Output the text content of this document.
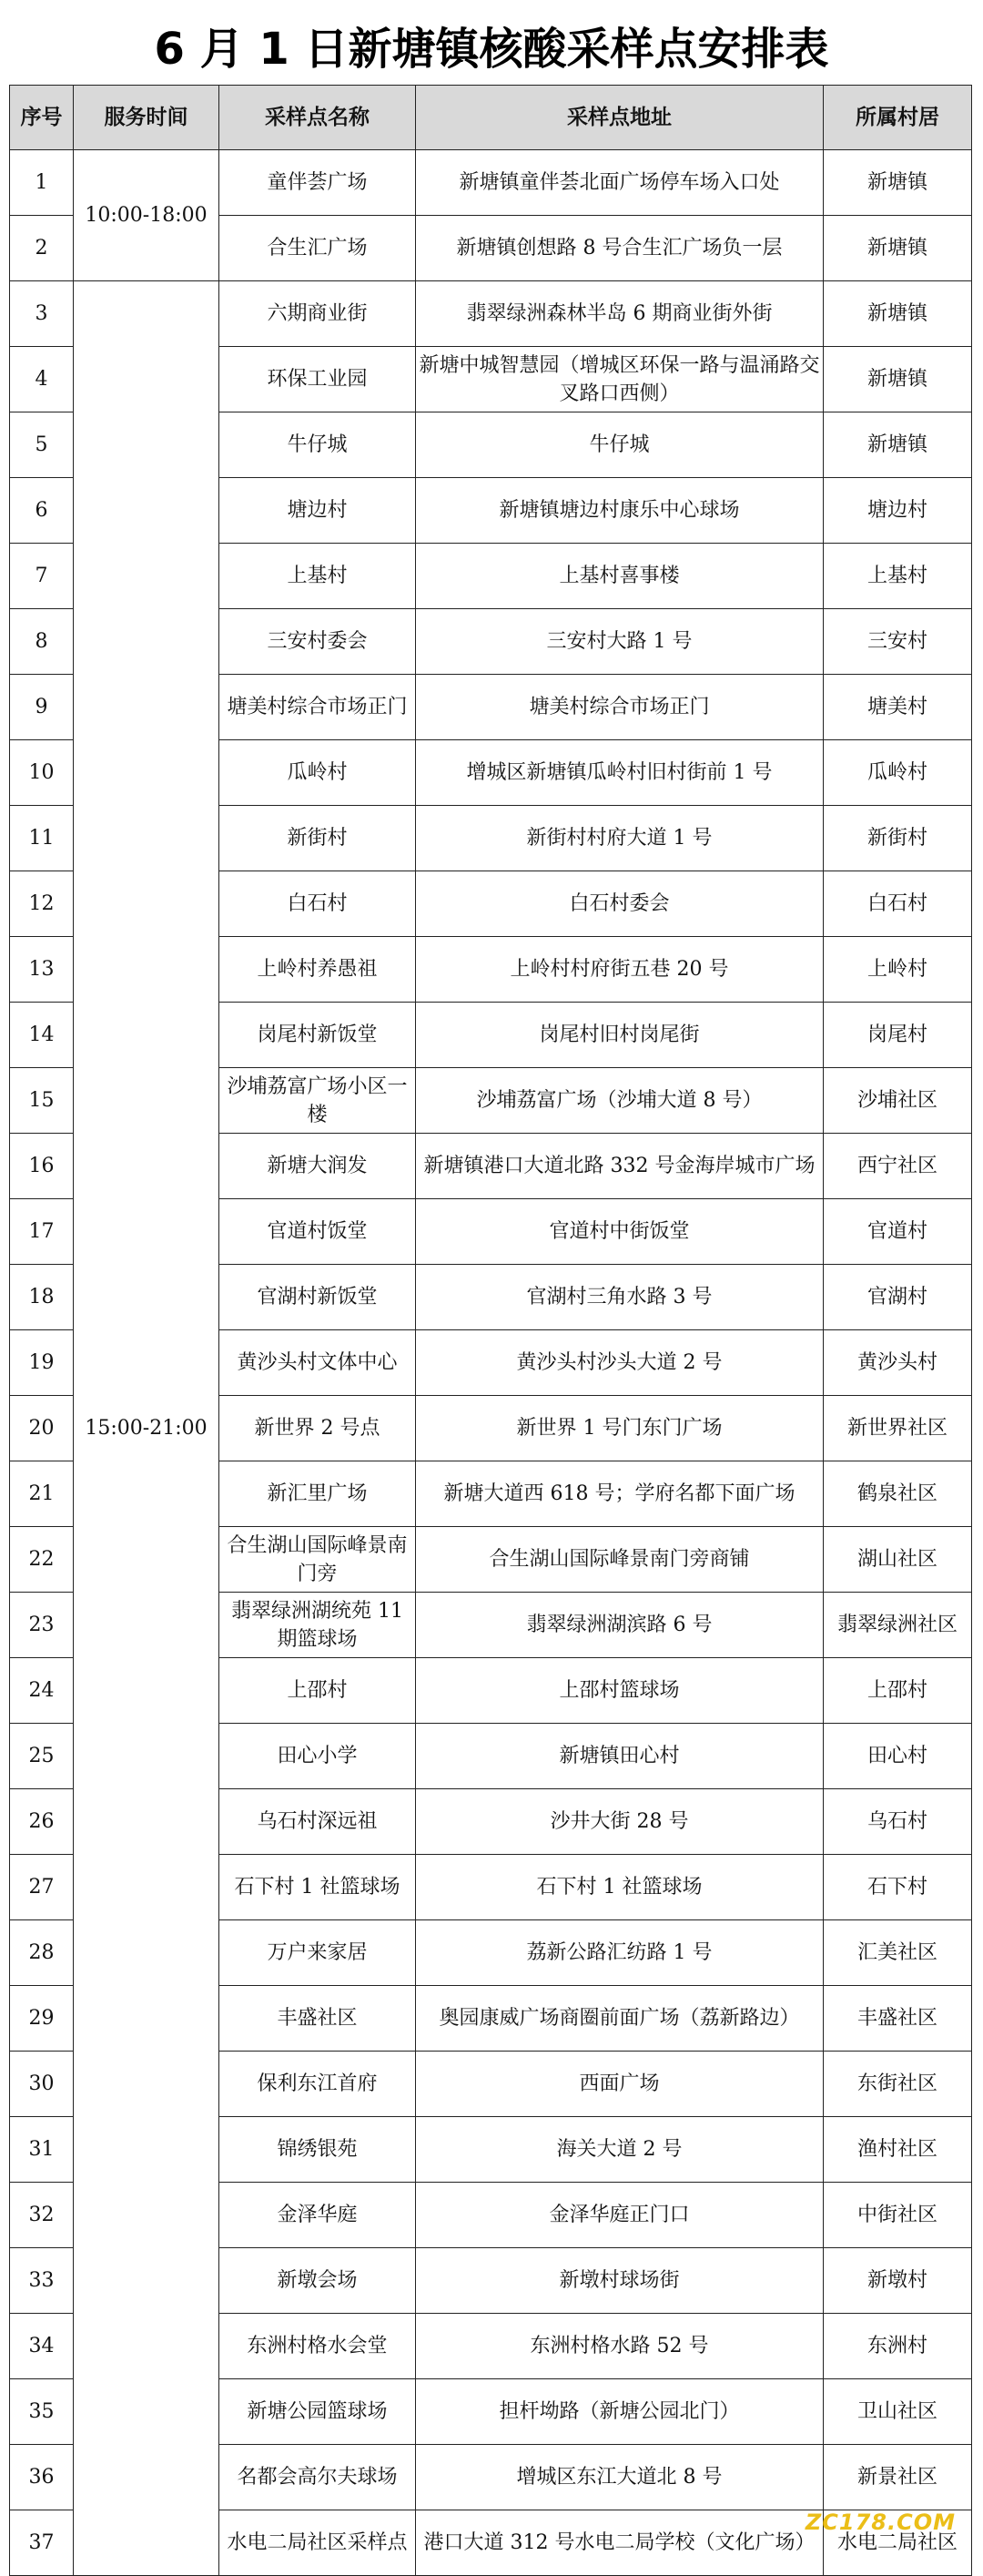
6 月 1 日新塘镇核酸采样点安排表
序号	服务时间	采样点名称	采样点地址	所属村居
1	10:00-18:00	童伴荟广场	新塘镇童伴荟北面广场停车场入口处	新塘镇
2		合生汇广场	新塘镇创想路 8 号合生汇广场负一层	新塘镇
3	15:00-21:00	六期商业街	翡翠绿洲森林半岛 6 期商业街外街	新塘镇
4		环保工业园	新塘中城智慧园（增城区环保一路与温涌路交叉路口西侧）	新塘镇
5		牛仔城	牛仔城	新塘镇
6		塘边村	新塘镇塘边村康乐中心球场	塘边村
7		上基村	上基村喜事楼	上基村
8		三安村委会	三安村大路 1 号	三安村
9		塘美村综合市场正门	塘美村综合市场正门	塘美村
10		瓜岭村	增城区新塘镇瓜岭村旧村街前 1 号	瓜岭村
11		新街村	新街村村府大道 1 号	新街村
12		白石村	白石村委会	白石村
13		上岭村养愚祖	上岭村村府街五巷 20 号	上岭村
14		岗尾村新饭堂	岗尾村旧村岗尾街	岗尾村
15		沙埔荔富广场小区一楼	沙埔荔富广场（沙埔大道 8 号）	沙埔社区
16		新塘大润发	新塘镇港口大道北路 332 号金海岸城市广场	西宁社区
17		官道村饭堂	官道村中街饭堂	官道村
18		官湖村新饭堂	官湖村三角水路 3 号	官湖村
19		黄沙头村文体中心	黄沙头村沙头大道 2 号	黄沙头村
20		新世界 2 号点	新世界 1 号门东门广场	新世界社区
21		新汇里广场	新塘大道西 618 号；学府名都下面广场	鹤泉社区
22		合生湖山国际峰景南门旁	合生湖山国际峰景南门旁商铺	湖山社区
23		翡翠绿洲湖统苑 11 期篮球场	翡翠绿洲湖滨路 6 号	翡翠绿洲社区
24		上邵村	上邵村篮球场	上邵村
25		田心小学	新塘镇田心村	田心村
26		乌石村深远祖	沙井大街 28 号	乌石村
27		石下村 1 社篮球场	石下村 1 社篮球场	石下村
28		万户来家居	荔新公路汇纺路 1 号	汇美社区
29		丰盛社区	奥园康威广场商圈前面广场（荔新路边）	丰盛社区
30		保利东江首府	西面广场	东街社区
31		锦绣银苑	海关大道 2 号	渔村社区
32		金泽华庭	金泽华庭正门口	中街社区
33		新墩会场	新墩村球场街	新墩村
34		东洲村格水会堂	东洲村格水路 52 号	东洲村
35		新塘公园篮球场	担杆坳路（新塘公园北门）	卫山社区
36		名都会高尔夫球场	增城区东江大道北 8 号	新景社区
37		水电二局社区采样点	港口大道 312 号水电二局学校（文化广场）	水电二局社区
ZC178.COM
